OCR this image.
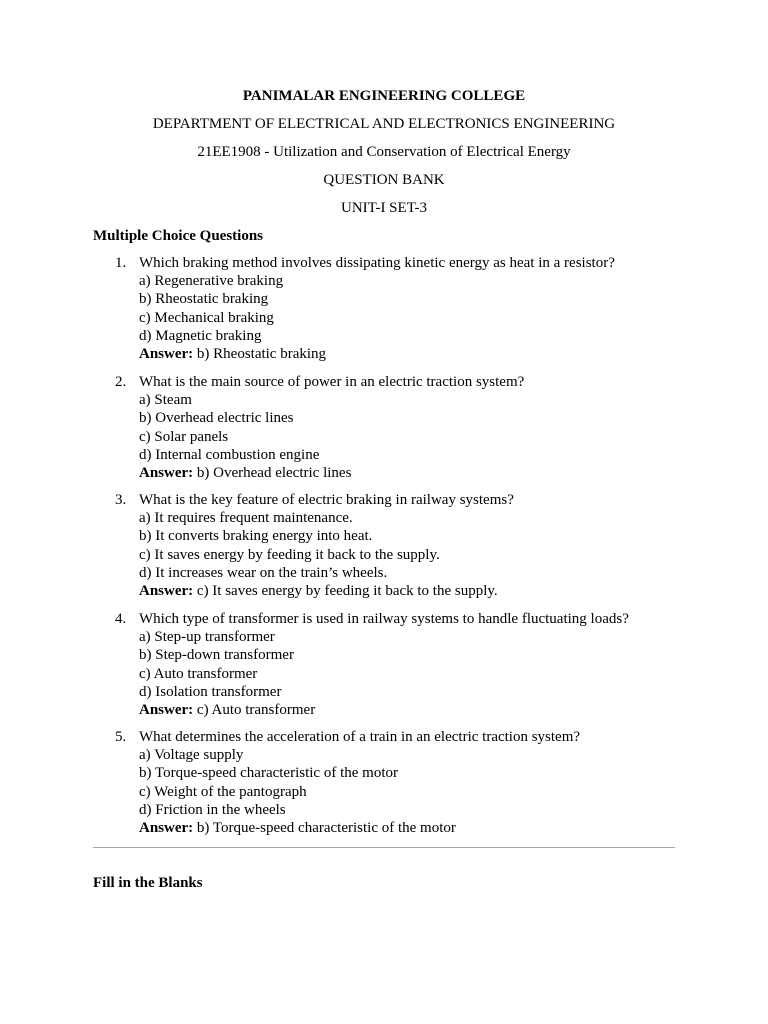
PANIMALAR ENGINEERING COLLEGE
DEPARTMENT OF ELECTRICAL AND ELECTRONICS ENGINEERING
21EE1908 - Utilization and Conservation of Electrical Energy
QUESTION BANK
UNIT-I SET-3
Multiple Choice Questions
1. Which braking method involves dissipating kinetic energy as heat in a resistor?
a) Regenerative braking
b) Rheostatic braking
c) Mechanical braking
d) Magnetic braking
Answer: b) Rheostatic braking
2. What is the main source of power in an electric traction system?
a) Steam
b) Overhead electric lines
c) Solar panels
d) Internal combustion engine
Answer: b) Overhead electric lines
3. What is the key feature of electric braking in railway systems?
a) It requires frequent maintenance.
b) It converts braking energy into heat.
c) It saves energy by feeding it back to the supply.
d) It increases wear on the train’s wheels.
Answer: c) It saves energy by feeding it back to the supply.
4. Which type of transformer is used in railway systems to handle fluctuating loads?
a) Step-up transformer
b) Step-down transformer
c) Auto transformer
d) Isolation transformer
Answer: c) Auto transformer
5. What determines the acceleration of a train in an electric traction system?
a) Voltage supply
b) Torque-speed characteristic of the motor
c) Weight of the pantograph
d) Friction in the wheels
Answer: b) Torque-speed characteristic of the motor
Fill in the Blanks
